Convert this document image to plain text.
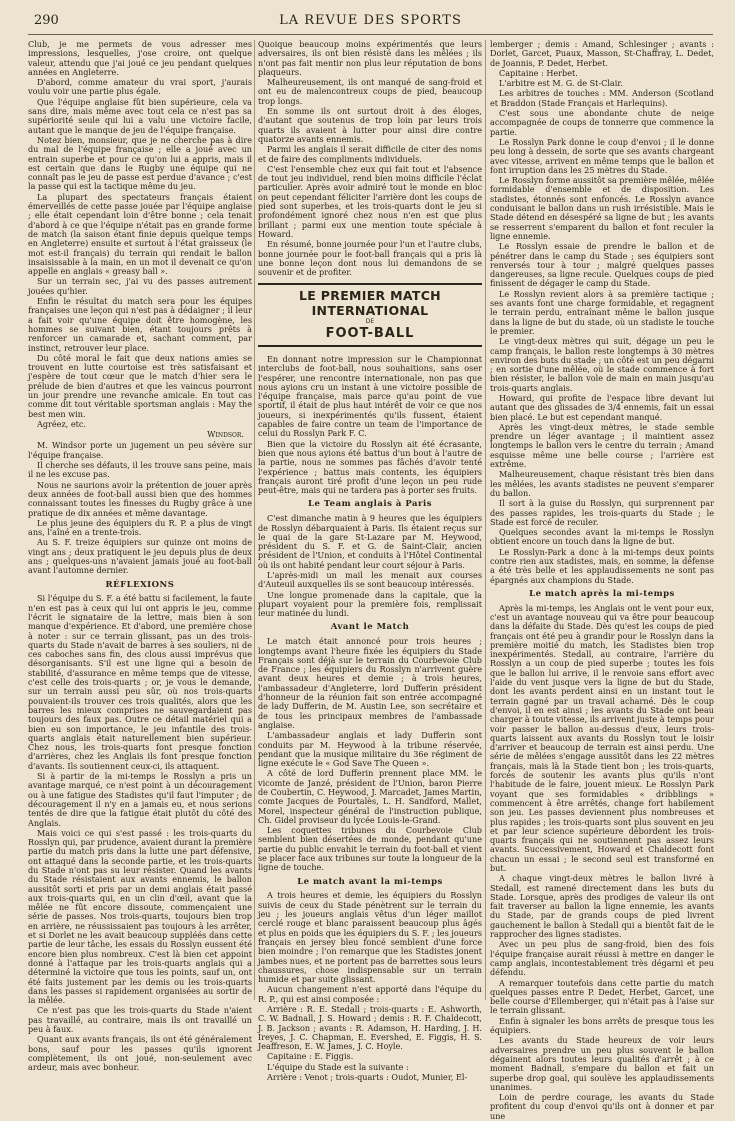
290	LA REVUE DES SPORTS

Club, je me permets de vous adresser mes impressions, lesquelles, j'ose croire, ont quelque valeur, attendu que j'ai joué ce jeu pendant quelques années en Angleterre.

D'abord, comme amateur du vrai sport, j'aurais voulu voir une partie plus égale.

Que l'équipe anglaise fût bien supérieure, cela va sans dire, mais même avec tout cela ce n'est pas sa supériorité seule qui lui a valu une victoire facile, autant que le manque de jeu de l'équipe française.

Notez bien, monsieur, que je ne cherche pas à dire du mal de l'équipe française ; elle a joué avec un entrain superbe et pour ce qu'on lui a appris, mais il est certain que dans le Rugby une équipe qui ne connaît pas le jeu de passe est perdue d'avance ; c'est la passe qui est la tactique même du jeu.

La plupart des spectateurs français étaient émerveillés de cette passe jouée par l'équipe anglaise ; elle était cependant loin d'être bonne ; cela tenait d'abord à ce que l'équipe n'était pas en grande forme de match (la saison étant finie depuis quelque temps en Angleterre) ensuite et surtout à l'état graisseux (le mot est-il français) du terrain qui rendait le ballon insaisissable à la main, en un mot il devenait ce qu'on appelle en anglais « greasy ball ».

Sur un terrain sec, j'ai vu des passes autrement jouées qu'hier.

Enfin le résultat du match sera pour les équipes françaises une leçon qui n'est pas à dédaigner ; il leur a fait voir qu'une équipe doit être homogène, les hommes se suivant bien, étant toujours prêts à renforcer un camarade et, sachant comment, par instinct, retrouver leur place.

Du côté moral le fait que deux nations amies se trouvent en lutte courtoise est très satisfaisant et j'espère de tout cœur que le match d'hier sera le prélude de bien d'autres et que les vaincus pourront un jour prendre une revanche amicale. En tout cas comme dit tout véritable sportsman anglais : May the best men win.

Agréez, etc.

Windsor.

M. Windsor porte un jugement un peu sévère sur l'équipe française.

Il cherche ses défauts, il les trouve sans peine, mais il ne les excuse pas.

Nous ne saurions avoir la prétention de jouer après deux années de foot-ball aussi bien que des hommes connaissant toutes les finesses du Rugby grâce à une pratique de dix années et même davantage.

Le plus jeune des équipiers du R. P. a plus de vingt ans, l'aîné en a trente-trois.

Au S. F. treize équipiers sur quinze ont moins de vingt ans ; deux pratiquent le jeu depuis plus de deux ans ; quelques-uns n'avaient jamais joué au foot-ball avant l'automne dernier.

RÉFLEXIONS

Si l'équipe du S. F. a été battu si facilement, la faute n'en est pas à ceux qui lui ont appris le jeu, comme l'écrit le signataire de la lettre, mais bien à son manque d'expérience. Et d'abord, une première chose à noter : sur ce terrain glissant, pas un des trois-quarts du Stade n'avait de barres à ses souliers, ni de ces caboches sans fin, des clous aussi imprévus que désorganisants. S'il est une ligne qui a besoin de stabilité, d'assurance en même temps que de vitesse, c'est celle des trois-quarts ; or, je vous le demande, sur un terrain aussi peu sûr, où nos trois-quarts pouvaient-ils trouver ces trois qualités, alors que les barres les mieux comprises ne sauvegardaient pas toujours des faux pas. Outre ce détail matériel qui a bien eu son importance, le jeu infantile des trois-quarts anglais était naturellement bien supérieur. Chez nous, les trois-quarts font presque fonction d'arrières, chez les Anglais ils font presque fonction d'avants. Ils soutiennent ceux-ci, ils attaquent.

Si à partir de la mi-temps le Rosslyn a pris un avantage marqué, ce n'est point à un découragement ou à une fatigue des Stadistes qu'il faut l'imputer ; de découragement il n'y en a jamais eu, et nous serions tentés de dire que la fatigue était plutôt du côté des Anglais.

Mais voici ce qui s'est passé : les trois-quarts du Rosslyn qui, par prudence, avaient durant la première partie du match pris dans la lutte une part défensive, ont attaqué dans la seconde partie, et les trois-quarts du Stade n'ont pas su leur résister. Quand les avants du Stade résistaient aux avants ennemis, le ballon aussitôt sorti et pris par un demi anglais était passé aux trois-quarts qui, en un clin d'œil, avant que la mêlée ne fût encore dissoute, commençaient une série de passes. Nos trois-quarts, toujours bien trop en arrière, ne réussissaient pas toujours à les arrêter, et si Dorlet ne les avait beaucoup suppléés dans cette partie de leur tâche, les essais du Rosslyn eussent été encore bien plus nombreux. C'est là bien cet appoint donné à l'attaque par les trois-quarts anglais qui a déterminé la victoire que tous les points, sauf un, ont été faits justement par les demis ou les trois-quarts dans les passes si rapidement organisées au sortir de la mêlée.

Ce n'est pas que les trois-quarts du Stade n'aient pas travaillé, au contraire, mais ils ont travaillé un peu à faux.

Quant aux avants français, ils ont été généralement bons, sauf pour les passes qu'ils ignorent complètement, ils ont joué, non-seulement avec ardeur, mais avec bonheur.

Quoique beaucoup moins expérimentés que leurs adversaires, ils ont bien résisté dans les mêlées ; ils n'ont pas fait mentir non plus leur réputation de bons plaqueurs.

Malheureusement, ils ont manqué de sang-froid et ont eu de malencontreux coups de pied, beaucoup trop longs.

En somme ils ont surtout droit à des éloges, d'autant que soutenus de trop loin par leurs trois quarts ils avaient à lutter pour ainsi dire contre quatorze avants ennemis.

Parmi les anglais il serait difficile de citer des noms et de faire des compliments individuels.

C'est l'ensemble chez eux qui fait tout et l'absence de tout jeu individuel, rend bien moins difficile l'éclat particulier. Après avoir admiré tout le monde en bloc on peut cependant féliciter l'arrière dont les coups de pied sont superbes, et les trois-quarts dont le jeu si profondément ignoré chez nous n'en est que plus brillant ; parmi eux une mention toute spéciale à Howard.

En résumé, bonne journée pour l'un et l'autre clubs, bonne journée pour le foot-ball français qui a pris là une bonne leçon dont nous lui demandons de se souvenir et de profiter.

LE PREMIER MATCH INTERNATIONAL
DE
FOOT-BALL

En donnant notre impression sur le Championnat interclubs de foot-ball, nous souhaitions, sans oser l'espérer, une rencontre internationale, non pas que nous ayions cru un instant à une victoire possible de l'équipe française, mais parce qu'au point de vue sportif, il était de plus haut intérêt de voir ce que nos joueurs, si inexpérimentés qu'ils fussent, étaient capables de faire contre un team de l'importance de celui du Rosslyn Park F. C.

Bien que la victoire du Rosslyn ait été écrasante, bien que nous ayions été battus d'un bout à l'autre de la partie, nous ne sommes pas fâchés d'avoir tenté l'expérience ; battus mais contents, les équipiers français auront tiré profit d'une leçon un peu rude peut-être, mais qui ne tardera pas à porter ses fruits.

Le Team anglais à Paris

C'est dimanche matin à 9 heures que les équipiers de Rosslyn débarquaient à Paris. Ils étaient reçus sur le quai de la gare St-Lazare par M. Heywood, président du S. F. et G. de Saint-Clair, ancien président de l'Union, et conduits à l'Hôtel Continental où ils ont habité pendant leur court séjour à Paris.

L'après-midi un mail les menait aux courses d'Auteuil auxquelles ils se sont beaucoup intéressés.

Une longue promenade dans la capitale, que la plupart voyaient pour la première fois, remplissait leur matinée du lundi.

Avant le Match

Le match était annoncé pour trois heures ; longtemps avant l'heure fixée les équipiers du Stade Français sont déjà sur le terrain du Courbevoie Club de France ; les équipiers du Rosslyn n'arrivent guère avant deux heures et demie ; à trois heures, l'ambassadeur d'Angleterre, lord Dufferin président d'honneur de la réunion fait son entrée accompagné de lady Dufferin, de M. Austin Lee, son secrétaire et de tous les principaux membres de l'ambassade anglaise.

L'ambassadeur anglais et lady Dufferin sont conduits par M. Heywood à la tribune réservée, pendant que la musique militaire du 36e régiment de ligne exécute le « God Save The Queen ».

A côté de lord Dufferin prennent place MM. le vicomte de Janzé, président de l'Union, baron Pierre de Coubertin, C. Heywood, J. Marcadet, James Martin, comte Jacques de Pourtalès, L. H. Sandford, Mallet, Morel, inspecteur général de l'instruction publique, Ch. Gidel proviseur du lycée Louis-le-Grand.

Les coquettes tribunes du Courbevoie Club semblent bien désertées de monde, pendant qu'une partie du public envahit le terrain du foot-ball et vient se placer face aux tribunes sur toute la longueur de la ligne de touche.

Le match avant la mi-temps

A trois heures et demie, les équipiers du Rosslyn suivis de ceux du Stade pénètrent sur le terrain du jeu ; les joueurs anglais vêtus d'un léger maillot cerclé rouge et blanc paraissent beaucoup plus âgés et plus en poids que les équipiers du S. F. ; les joueurs français en jersey bleu foncé semblent d'une force bien moindre ; l'on remarque que les Stadistes jonent jambes nues, et ne portent pas de barrettes sous leurs chaussures, chose indispensable sur un terrain humide et par suite glissant.

Aucun changement n'est apporté dans l'équipe du R. P., qui est ainsi composée :

Arrière : R. E. Stedall ; trois-quarts : E. Ashworth, C. W. Badnall, J. S. Howard ; demis : R. F. Chaldecott, J. B. Jackson ; avants : R. Adamson, H. Harding, J. H. Ireyes, J. C. Chapman, E. Evershed, E. Figgis, H. S. Jeaffreson, E. W. James, J. C. Hoyle.

Capitaine : E. Figgis.

L'équipe du Stade est la suivante :

Arrière : Venot ; trois-quarts : Oudot, Munier, El-

lemberger ; demis : Amand, Schlesinger ; avants : Dorlet, Garcet, Puaux, Masson, St-Chaffray, L. Dedet, de Joannis, P. Dedet, Herbet.

Capitaine : Herbet.

L'arbitre est M. G. de St-Clair.

Les arbitres de touches : MM. Anderson (Scotland et Braddon (Stade Français et Harlequins).

C'est sous une abondante chute de neige accompagnée de coups de tonnerre que commence la partie.

Le Rosslyn Park donne le coup d'envoi ; il le donne peu long à dessein, de sorte que ses avants chargeant avec vitesse, arrivent en même temps que le ballon et font irruption dans les 25 mètres du Stade.

Le Rosslyn forme aussitôt sa première mêlée, mêlée formidable d'ensemble et de disposition. Les stadistes, étonnés sont enfoncés. Le Rosslyn avance conduisant le ballon dans un rush irrésistible. Mais le Stade détend en désespéré sa ligne de but ; les avants se resserrent s'emparent du ballon et font reculer la ligne ennemie.

Le Rosslyn essaie de prendre le ballon et de pénétrer dans le camp du Stade ; ses équipiers sont renversés tour à tour ; malgré quelques passes dangereuses, sa ligne recule. Quelques coups de pied finissent de dégager le camp du Stade.

Le Rosslyn revient alors à sa première tactique ; ses avants font une charge formidable, et regagnent le terrain perdu, entraînant même le ballon jusque dans la ligne de but du stade, où un stadiste le touche le premier.

Le vingt-deux mètres qui suit, dégage un peu le camp français, le ballon reste longtemps à 30 mètres environ des buts du stade ; un côté est un peu dégarni ; en sortie d'une mêlée, où le stade commence à fort bien résister, le ballon vole de main en main jusqu'au trois-quarts anglais.

Howard, qui profite de l'espace libre devant lui autant que des glissades de 3/4 ennemis, fait un essai bien placé. Le but est cependant manqué.

Après les vingt-deux mètres, le stade semble prendre un léger avantage ; il maintient assez longtemps le ballon vers le centre du terrain ; Amand esquisse même une belle course ; l'arrière est extrême.

Malheureusement, chaque résistant très bien dans les mêlées, les avants stadistes ne peuvent s'emparer du ballon.

Il sort à la guise du Rosslyn, qui surprennent par des passes rapides, les trois-quarts du Stade ; le Stade est forcé de reculer.

Quelques secondes avant la mi-temps le Rosslyn obtient encore un touch dans la ligne de but.

Le Rosslyn-Park a donc à la mi-temps deux points contre rien aux stadistes, mais, en somme, la défense a été très belle et les applaudissements ne sont pas épargnés aux champions du Stade.

Le match après la mi-temps

Après la mi-temps, les Anglais ont le vent pour eux, c'est un avantage nouveau qui va être pour beaucoup dans la défaite du Stade. Dès qu'est les coups de pied français ont été peu à grandir pour le Rosslyn dans la première moitié du match, les Stadistes bien trop inexpérimentés. Stedall, au contraire, l'arrière du Rosslyn a un coup de pied superbe ; toutes les fois que le ballon lui arrive, il le renvoie sans effort avec l'aide du vent jusque vers la ligne de but du Stade, dont les avants perdent ainsi en un instant tout le terrain gagné par un travail acharné. Dès le coup d'envoi, il en est ainsi ; les avants du Stade ont beau charger à toute vitesse, ils arrivent juste à temps pour voir passer le ballon au-dessus d'eux, leurs trois-quarts laissent aux avants du Rosslyn tout le loisir d'arriver et beaucoup de terrain est ainsi perdu. Une série de mêlées s'engage aussitôt dans les 22 mètres français, mais là la Stade tient bon ; les trois-quarts, forcés de soutenir les avants plus qu'ils n'ont l'habitude de le faire, jouent mieux. Le Rosslyn Park voyant que ses formidables « dribblings » commencent à être arrêtés, change fort habilement son jeu. Les passes deviennent plus nombreuses et plus rapides ; les trois-quarts sont plus souvent en jeu et par leur science supérieure débordent les trois-quarts français qui ne soutiennent pas assez leurs avants. Successivement, Howard et Chaldecott font chacun un essai ; le second seul est transformé en but.

A chaque vingt-deux mètres le ballon livré à Stedall, est ramené directement dans les buts du Stade. Lorsque, après des prodiges de valeur ils ont fait traverser au ballon la ligne ennemie, les avants du Stade, par de grands coups de pied livrent gauchement le ballon à Stedall qui a bientôt fait de le rapprocher des lignes stadistes.

Avec un peu plus de sang-froid, bien des fois l'équipe française aurait réussi à mettre en danger le camp anglais, incontestablement très dégarni et peu défendu.

A remarquer toutefois dans cette partie du match quelques passes entre P. Dedet, Herbet, Garcet, une belle course d'Ellemberger, qui n'était pas à l'aise sur le terrain glissant.

Enfin à signaler les bons arrêts de presque tous les équipiers.

Les avants du Stade heureux de voir leurs adversaires prendre un peu plus souvent le ballon dégainent alors toutes leurs qualités d'arrêt ; à ce moment Badnall, s'empare du ballon et fait un superbe drop goal, qui soulève les applaudissements unanimes.

Loin de perdre courage, les avants du Stade profitent du coup d'envoi qu'ils ont à donner et par une
